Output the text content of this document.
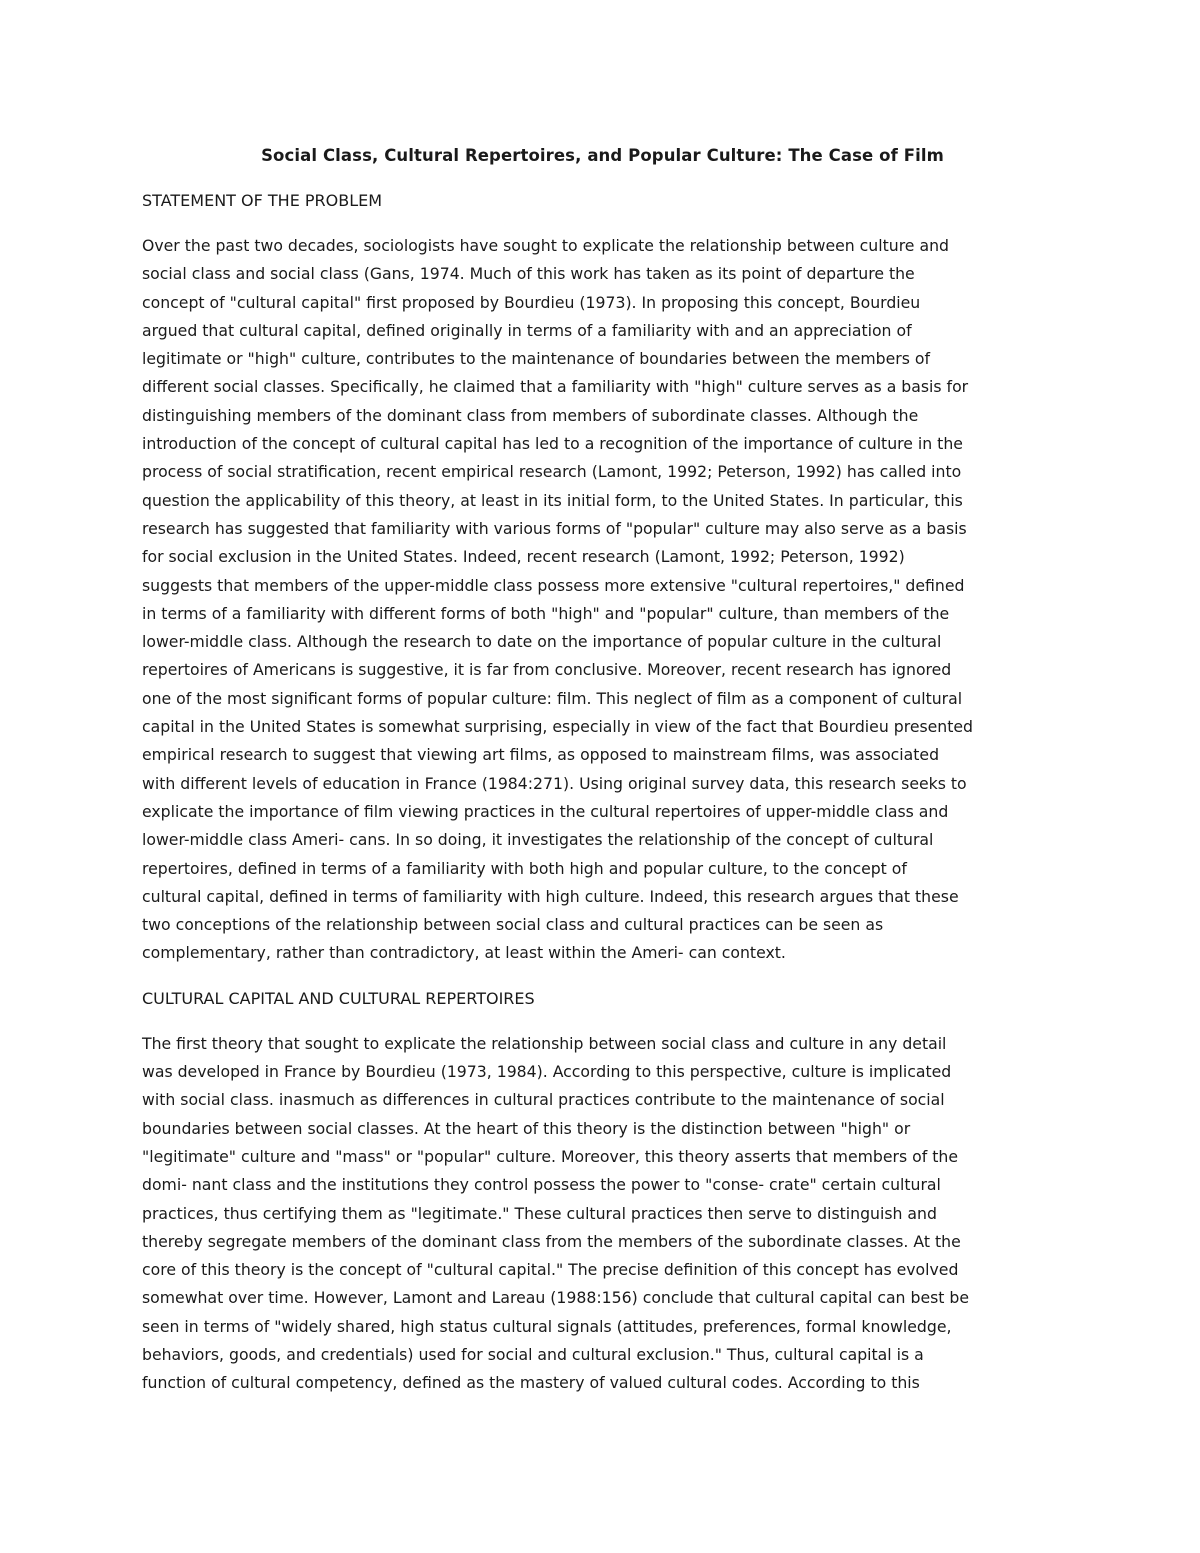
Social Class, Cultural Repertoires, and Popular Culture: The Case of Film
STATEMENT OF THE PROBLEM
Over the past two decades, sociologists have sought to explicate the relationship between culture and
social class and social class (Gans, 1974. Much of this work has taken as its point of departure the
concept of "cultural capital" first proposed by Bourdieu (1973). In proposing this concept, Bourdieu
argued that cultural capital, defined originally in terms of a familiarity with and an appreciation of
legitimate or "high" culture, contributes to the maintenance of boundaries between the members of
different social classes. Specifically, he claimed that a familiarity with "high" culture serves as a basis for
distinguishing members of the dominant class from members of subordinate classes. Although the
introduction of the concept of cultural capital has led to a recognition of the importance of culture in the
process of social stratification, recent empirical research (Lamont, 1992; Peterson, 1992) has called into
question the applicability of this theory, at least in its initial form, to the United States. In particular, this
research has suggested that familiarity with various forms of "popular" culture may also serve as a basis
for social exclusion in the United States. Indeed, recent research (Lamont, 1992; Peterson, 1992)
suggests that members of the upper-middle class possess more extensive "cultural repertoires," defined
in terms of a familiarity with different forms of both "high" and "popular" culture, than members of the
lower-middle class. Although the research to date on the importance of popular culture in the cultural
repertoires of Americans is suggestive, it is far from conclusive. Moreover, recent research has ignored
one of the most significant forms of popular culture: film. This neglect of film as a component of cultural
capital in the United States is somewhat surprising, especially in view of the fact that Bourdieu presented
empirical research to suggest that viewing art films, as opposed to mainstream films, was associated
with different levels of education in France (1984:271). Using original survey data, this research seeks to
explicate the importance of film viewing practices in the cultural repertoires of upper-middle class and
lower-middle class Ameri- cans. In so doing, it investigates the relationship of the concept of cultural
repertoires, defined in terms of a familiarity with both high and popular culture, to the concept of
cultural capital, defined in terms of familiarity with high culture. Indeed, this research argues that these
two conceptions of the relationship between social class and cultural practices can be seen as
complementary, rather than contradictory, at least within the Ameri- can context.
CULTURAL CAPITAL AND CULTURAL REPERTOIRES
The first theory that sought to explicate the relationship between social class and culture in any detail
was developed in France by Bourdieu (1973, 1984). According to this perspective, culture is implicated
with social class. inasmuch as differences in cultural practices contribute to the maintenance of social
boundaries between social classes. At the heart of this theory is the distinction between "high" or
"legitimate" culture and "mass" or "popular" culture. Moreover, this theory asserts that members of the
domi- nant class and the institutions they control possess the power to "conse- crate" certain cultural
practices, thus certifying them as "legitimate." These cultural practices then serve to distinguish and
thereby segregate members of the dominant class from the members of the subordinate classes. At the
core of this theory is the concept of "cultural capital." The precise definition of this concept has evolved
somewhat over time. However, Lamont and Lareau (1988:156) conclude that cultural capital can best be
seen in terms of "widely shared, high status cultural signals (attitudes, preferences, formal knowledge,
behaviors, goods, and credentials) used for social and cultural exclusion." Thus, cultural capital is a
function of cultural competency, defined as the mastery of valued cultural codes. According to this
